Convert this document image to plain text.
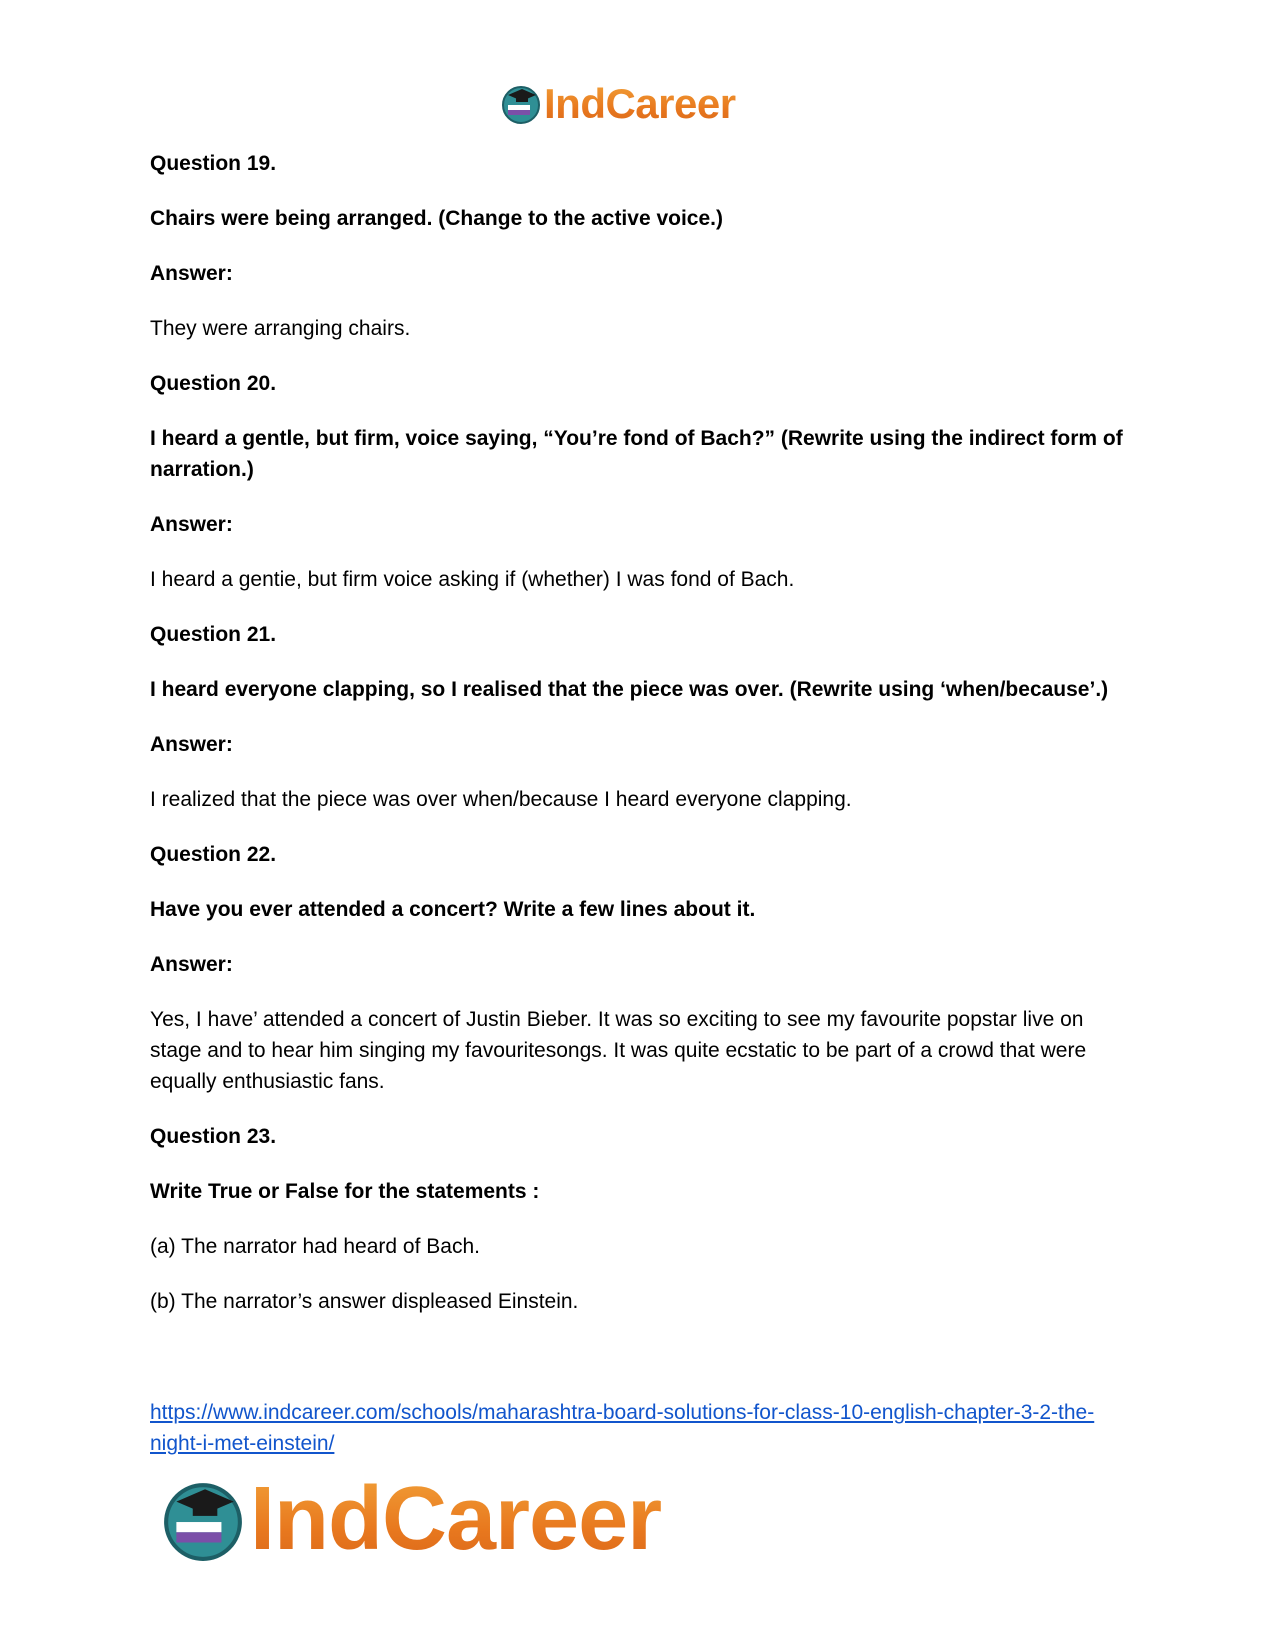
IndCareer

Question 19.

Chairs were being arranged. (Change to the active voice.)

Answer:

They were arranging chairs.

Question 20.

I heard a gentle, but firm, voice saying, “You’re fond of Bach?” (Rewrite using the indirect form of narration.)

Answer:

I heard a gentie, but firm voice asking if (whether) I was fond of Bach.

Question 21.

I heard everyone clapping, so I realised that the piece was over. (Rewrite using ‘when/because’.)

Answer:

I realized that the piece was over when/because I heard everyone clapping.

Question 22.

Have you ever attended a concert? Write a few lines about it.

Answer:

Yes, I have’ attended a concert of Justin Bieber. It was so exciting to see my favourite popstar live on stage and to hear him singing my favouritesongs. It was quite ecstatic to be part of a crowd that were equally enthusiastic fans.

Question 23.

Write True or False for the statements :

(a) The narrator had heard of Bach.

(b) The narrator’s answer displeased Einstein.

https://www.indcareer.com/schools/maharashtra-board-solutions-for-class-10-english-chapter-3-2-the-night-i-met-einstein/
IndCareer
